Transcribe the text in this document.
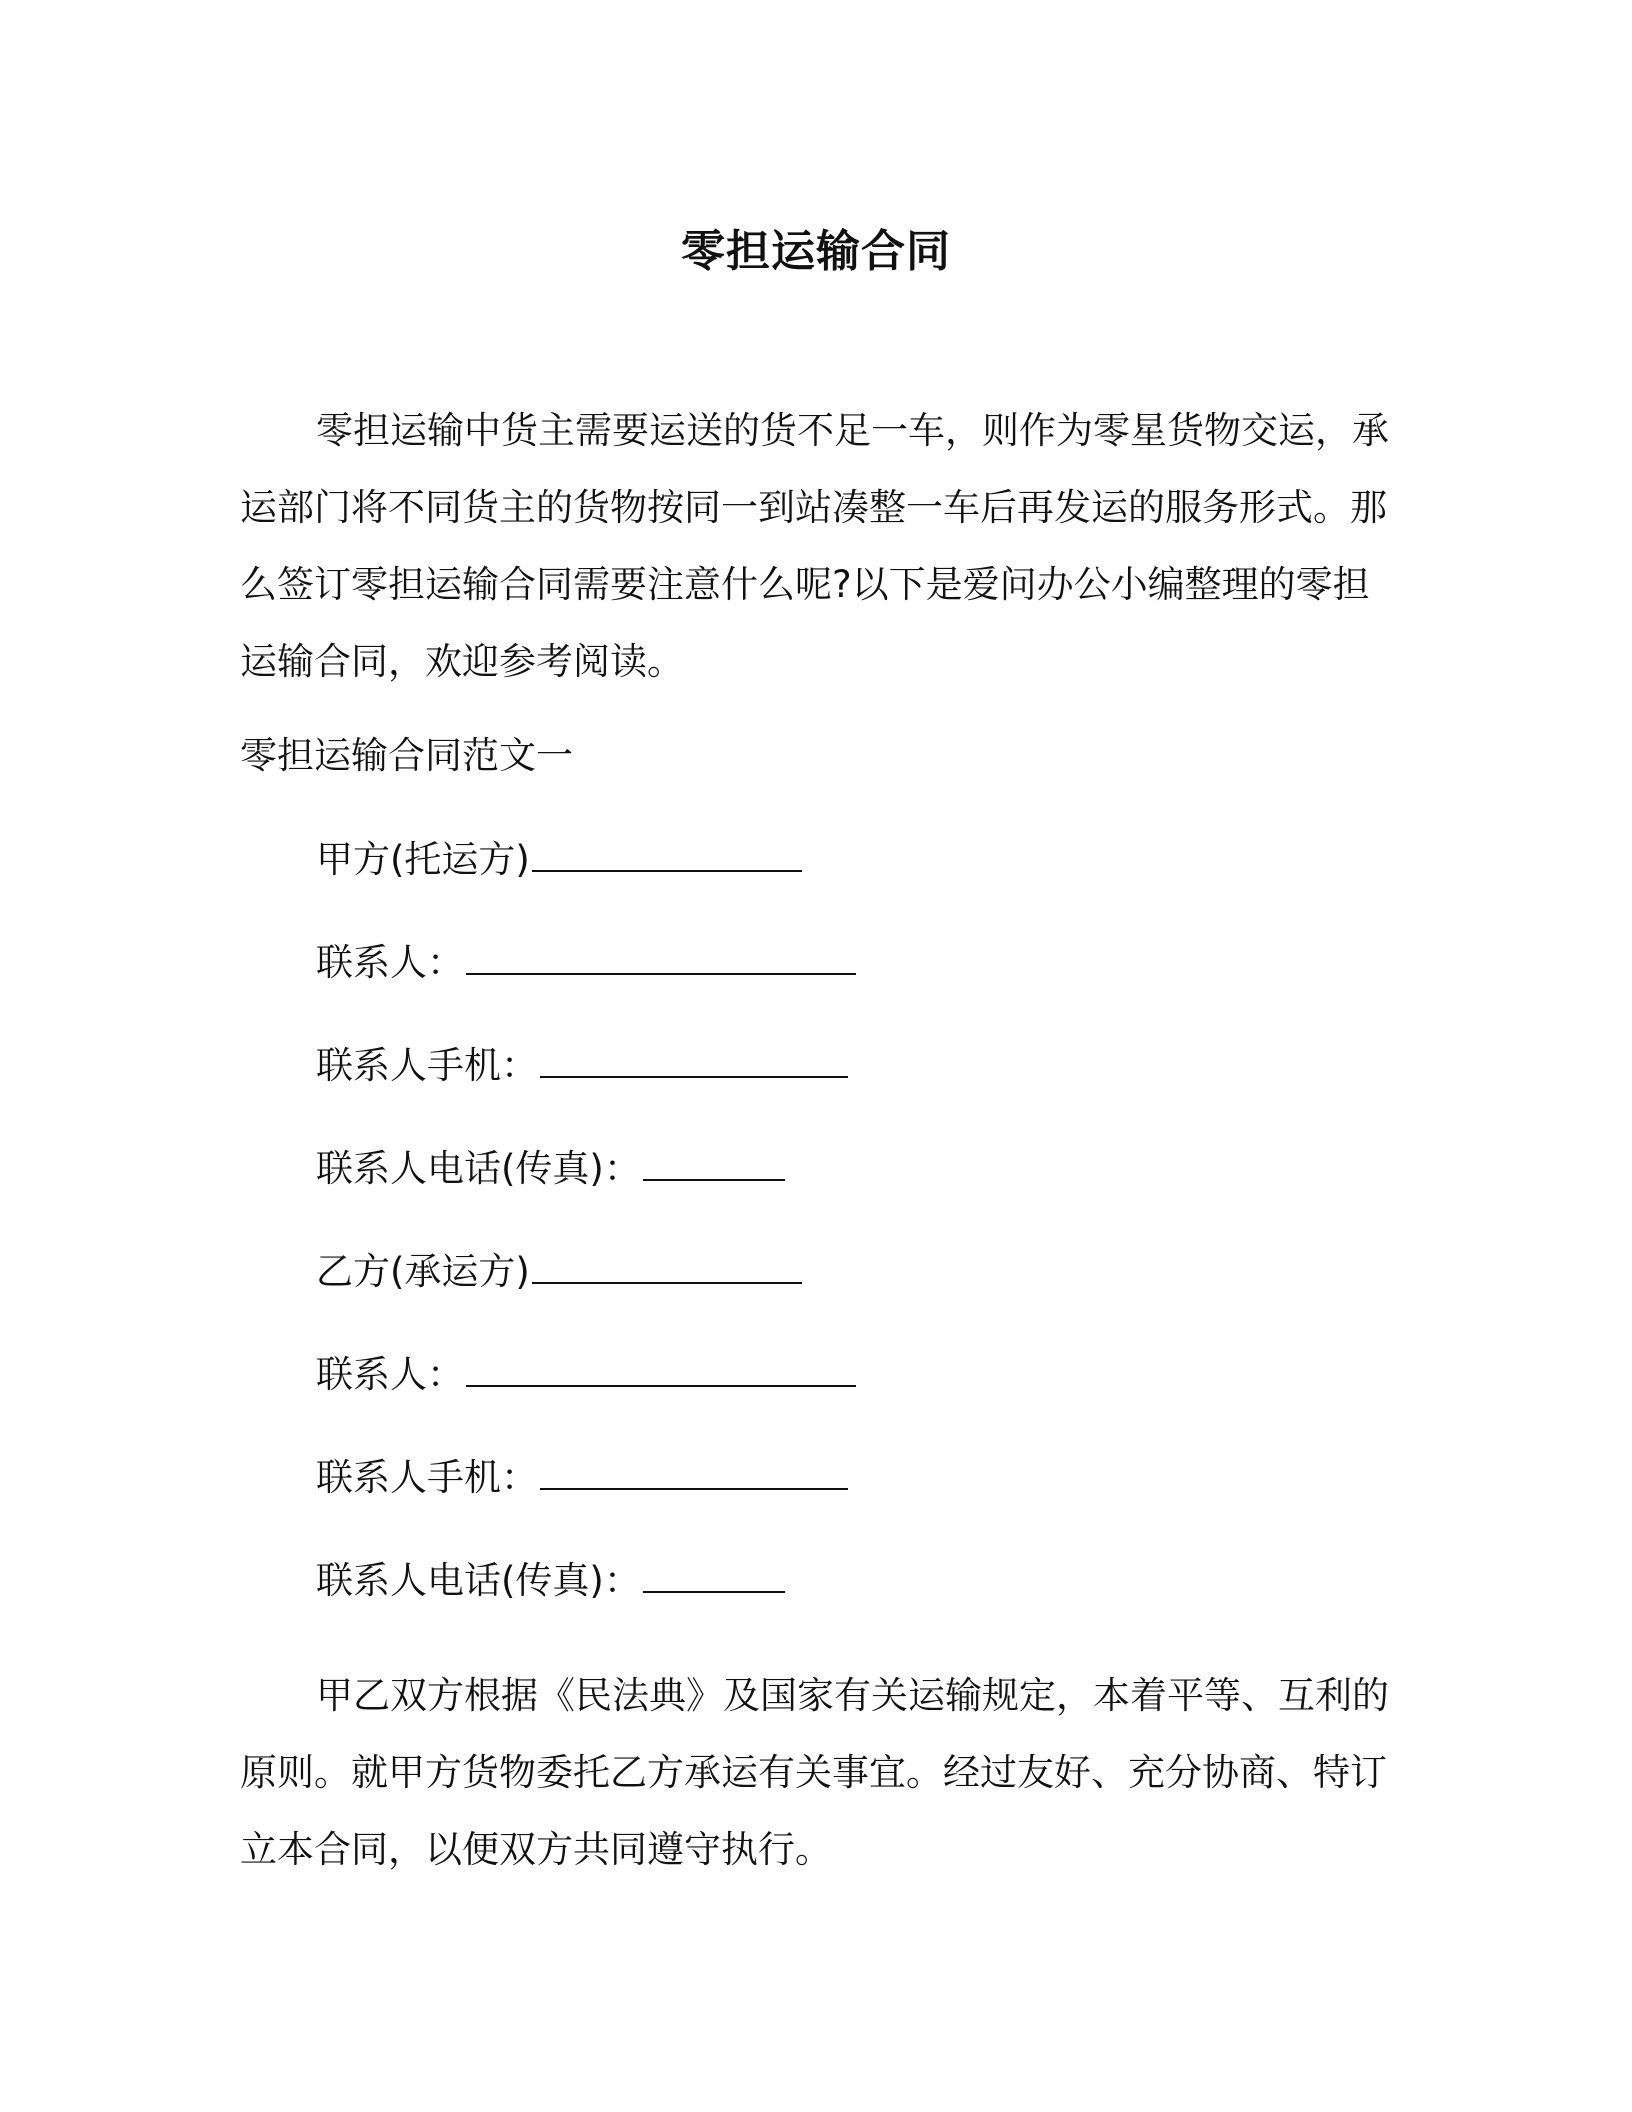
零担运输合同

零担运输中货主需要运送的货不足一车，则作为零星货物交运，承运部门将不同货主的货物按同一到站凑整一车后再发运的服务形式。那么签订零担运输合同需要注意什么呢?以下是爱问办公小编整理的零担运输合同，欢迎参考阅读。

零担运输合同范文一
甲方(托运方)
联系人：
联系人手机：
联系人电话(传真)：
乙方(承运方)
联系人：
联系人手机：
联系人电话(传真)：

甲乙双方根据《民法典》及国家有关运输规定，本着平等、互利的原则。就甲方货物委托乙方承运有关事宜。经过友好、充分协商、特订立本合同，以便双方共同遵守执行。
